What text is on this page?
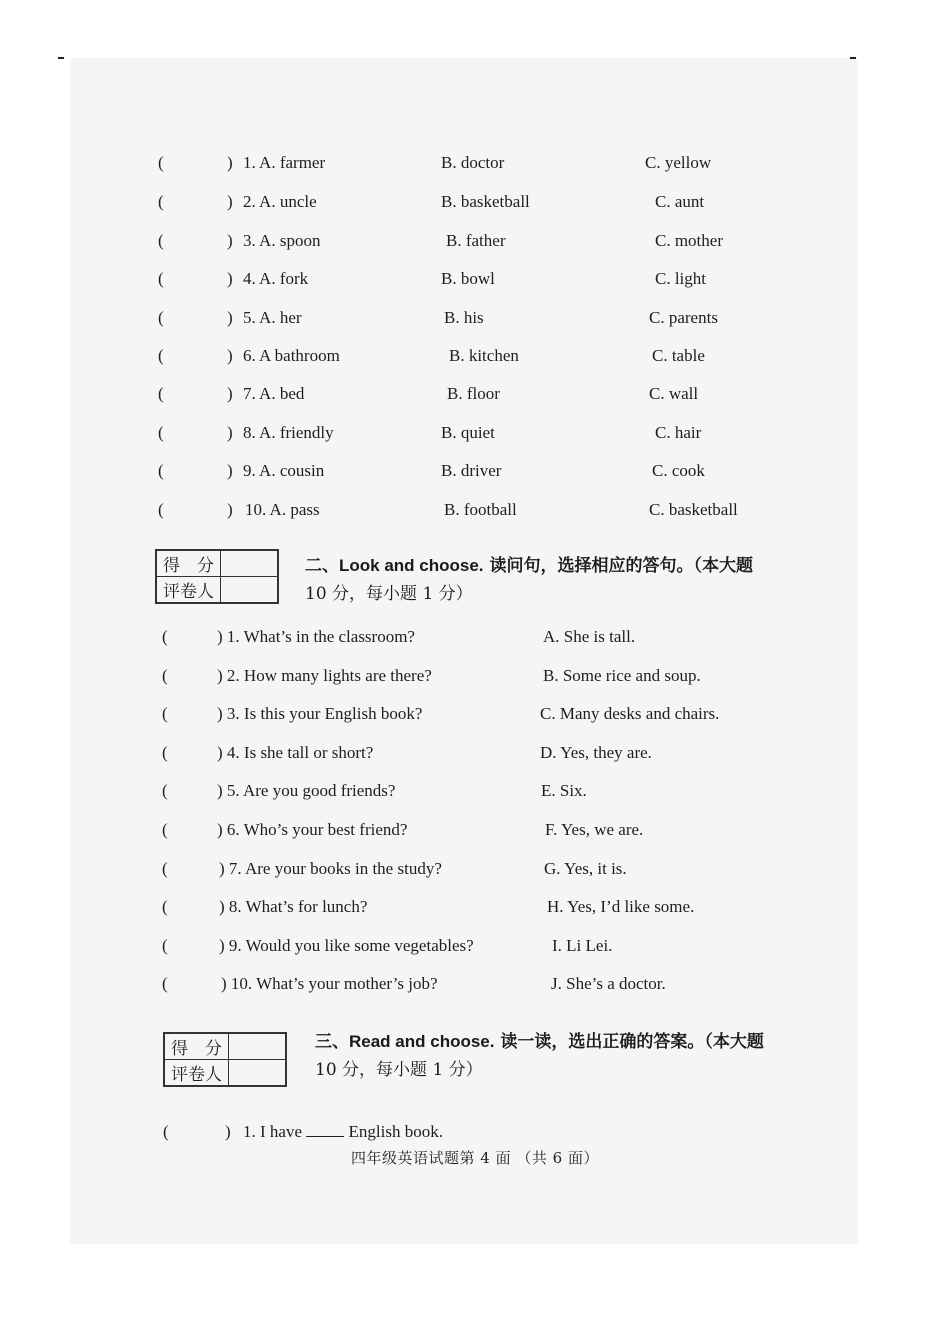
得　分	
评卷人	
二、Look and choose. 读问句，选择相应的答句。（本大题
10 分，每小题 1 分）
得　分	
评卷人	
三、Read and choose. 读一读，选出正确的答案。（本大题
10 分，每小题 1 分）
(	) 1. I have	English book.
四年级英语试题第 4 面 （共 6 面）
(	) 1. A. farmer	B. doctor	C. yellow
(	) 2. A. uncle	B. basketball	C. aunt
(	) 3. A. spoon	B. father	C. mother
(	) 4. A. fork	B. bowl	C. light
(	) 5. A. her	B. his	C. parents
(	) 6. A bathroom	B. kitchen	C. table
(	) 7. A. bed	B. floor	C. wall
(	) 8. A. friendly	B. quiet	C. hair
(	) 9. A. cousin	B. driver	C. cook
(	) 10. A. pass	B. football	C. basketball
(	) 1. What’s in the classroom?	A. She is tall.
(	) 2. How many lights are there?	B. Some rice and soup.
(	) 3. Is this your English book?	C. Many desks and chairs.
(	) 4. Is she tall or short?	D. Yes, they are.
(	) 5. Are you good friends?	E. Six.
(	) 6. Who’s your best friend?	F. Yes, we are.
(	) 7. Are your books in the study?	G. Yes, it is.
(	) 8. What’s for lunch?	H. Yes, I’d like some.
(	) 9. Would you like some vegetables?	I. Li Lei.
(	) 10. What’s your mother’s job?	J. She’s a doctor.
